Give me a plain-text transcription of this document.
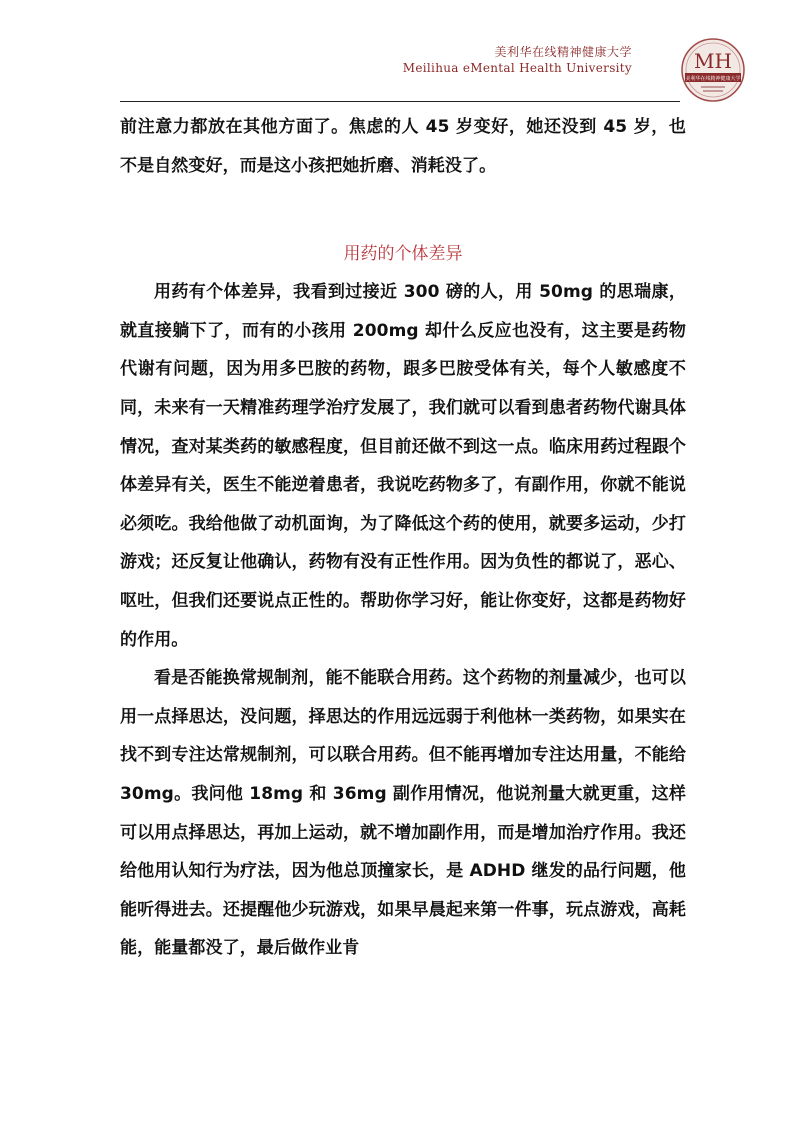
美利华在线精神健康大学
Meilihua eMental Health University	MH
美利华在线精神健康大学

前注意力都放在其他方面了。焦虑的人 45 岁变好，她还没到 45 岁，也不是自然变好，而是这小孩把她折磨、消耗没了。

用药的个体差异

用药有个体差异，我看到过接近 300 磅的人，用 50mg 的思瑞康，就直接躺下了，而有的小孩用 200mg 却什么反应也没有，这主要是药物代谢有问题，因为用多巴胺的药物，跟多巴胺受体有关，每个人敏感度不同，未来有一天精准药理学治疗发展了，我们就可以看到患者药物代谢具体情况，查对某类药的敏感程度，但目前还做不到这一点。临床用药过程跟个体差异有关，医生不能逆着患者，我说吃药物多了，有副作用，你就不能说必须吃。我给他做了动机面询，为了降低这个药的使用，就要多运动，少打游戏；还反复让他确认，药物有没有正性作用。因为负性的都说了，恶心、呕吐，但我们还要说点正性的。帮助你学习好，能让你变好，这都是药物好的作用。

看是否能换常规制剂，能不能联合用药。这个药物的剂量减少，也可以用一点择思达，没问题，择思达的作用远远弱于利他林一类药物，如果实在找不到专注达常规制剂，可以联合用药。但不能再增加专注达用量，不能给 30mg。我问他 18mg 和 36mg 副作用情况，他说剂量大就更重，这样可以用点择思达，再加上运动，就不增加副作用，而是增加治疗作用。我还给他用认知行为疗法，因为他总顶撞家长，是 ADHD 继发的品行问题，他能听得进去。还提醒他少玩游戏，如果早晨起来第一件事，玩点游戏，高耗能，能量都没了，最后做作业肯
